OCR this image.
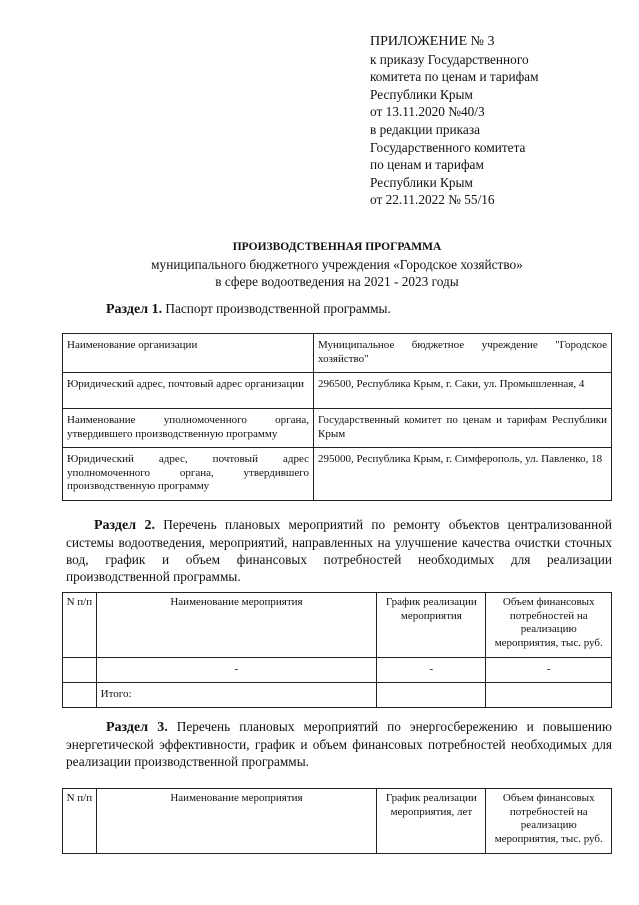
ПРИЛОЖЕНИЕ № 3
к приказу Государственного
комитета по ценам и тарифам
Республики Крым
от 13.11.2020 №40/3
в редакции приказа
Государственного комитета
по ценам и тарифам
Республики Крым
от 22.11.2022 № 55/16
ПРОИЗВОДСТВЕННАЯ ПРОГРАММА
муниципального бюджетного учреждения «Городское хозяйство»
в сфере водоотведения на 2021 - 2023 годы
Раздел 1. Паспорт производственной программы.
Наименование организации	Муниципальное бюджетное учреждение "Городское хозяйство"
Юридический адрес, почтовый адрес организации	296500, Республика Крым, г. Саки, ул. Промышленная, 4
Наименование уполномоченного органа, утвердившего производственную программу	Государственный комитет по ценам и тарифам Республики Крым
Юридический адрес, почтовый адрес уполномоченного органа, утвердившего производственную программу	295000, Республика Крым, г. Симферополь, ул. Павленко, 18
Раздел 2. Перечень плановых мероприятий по ремонту объектов централизованной системы водоотведения, мероприятий, направленных на улучшение качества очистки сточных вод, график и объем финансовых потребностей необходимых для реализации производственной программы.
N п/п	Наименование мероприятия	График реализации мероприятия	Объем финансовых потребностей на реализацию мероприятия, тыс. руб.
	-	-	-
	Итого:		
Раздел 3. Перечень плановых мероприятий по энергосбережению и повышению энергетической эффективности, график и объем финансовых потребностей необходимых для реализации производственной программы.
N п/п	Наименование мероприятия	График реализации мероприятия, лет	Объем финансовых потребностей на реализацию мероприятия, тыс. руб.
